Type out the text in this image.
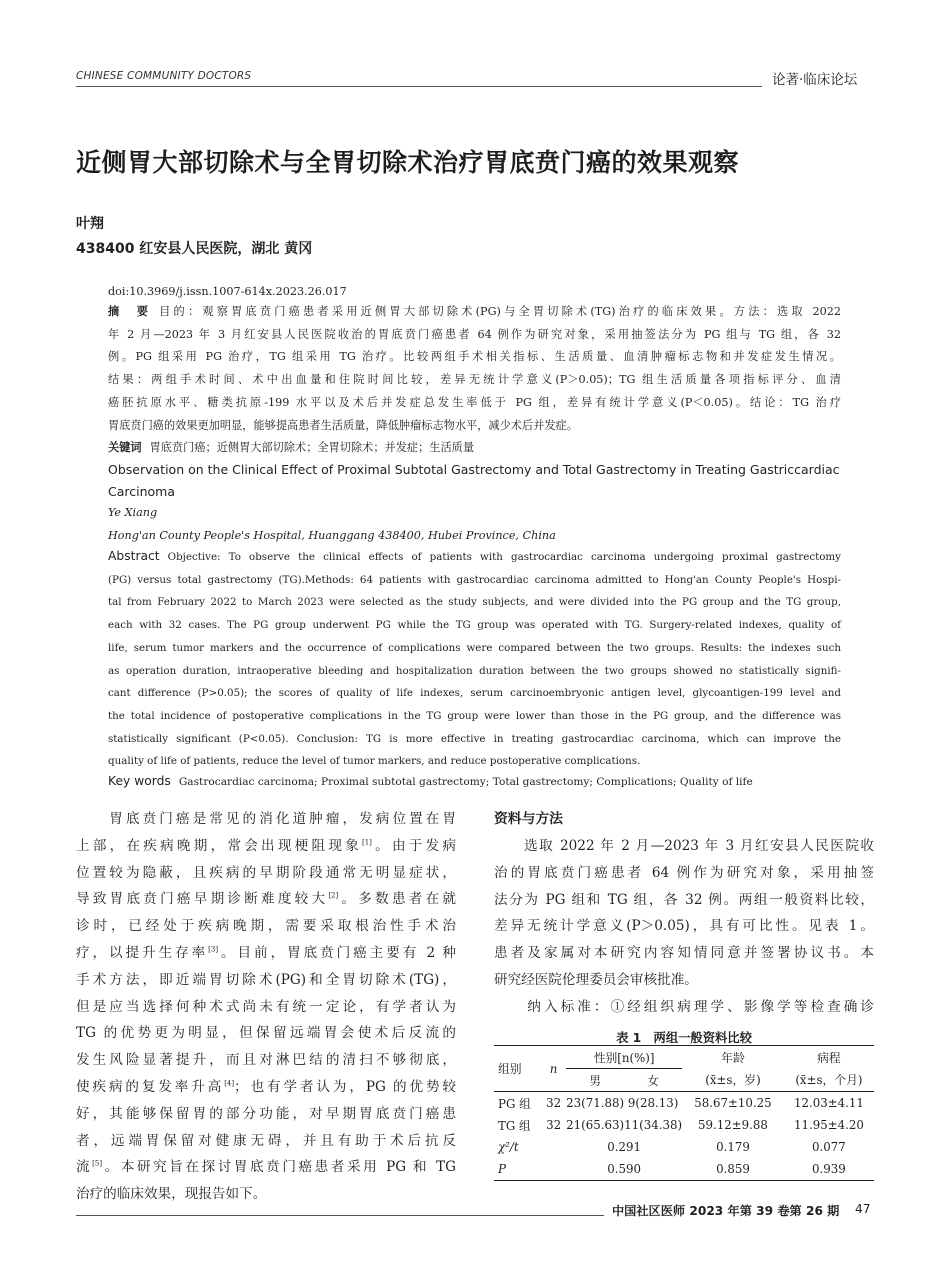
CHINESE COMMUNITY DOCTORS	论著·临床论坛
近侧胃大部切除术与全胃切除术治疗胃底贲门癌的效果观察
叶翔
438400 红安县人民医院，湖北 黄冈
doi:10.3969/j.issn.1007-614x.2023.26.017
摘　要 目的：观察胃底贲门癌患者采用近侧胃大部切除术(PG)与全胃切除术(TG)治疗的临床效果。方法：选取 2022
年 2 月—2023 年 3 月红安县人民医院收治的胃底贲门癌患者 64 例作为研究对象，采用抽签法分为 PG 组与 TG 组，各 32
例。PG 组采用 PG 治疗，TG 组采用 TG 治疗。比较两组手术相关指标、生活质量、血清肿瘤标志物和并发症发生情况。
结果：两组手术时间、术中出血量和住院时间比较，差异无统计学意义(P＞0.05)；TG 组生活质量各项指标评分、血清
癌胚抗原水平、糖类抗原-199 水平以及术后并发症总发生率低于 PG 组，差异有统计学意义(P＜0.05)。结论：TG 治疗
胃底贲门癌的效果更加明显，能够提高患者生活质量，降低肿瘤标志物水平，减少术后并发症。
关键词 胃底贲门癌；近侧胃大部切除术；全胃切除术；并发症；生活质量
Observation on the Clinical Effect of Proximal Subtotal Gastrectomy and Total Gastrectomy in Treating Gastriccardiac
Carcinoma
Ye Xiang
Hong'an County People's Hospital, Huanggang 438400, Hubei Province, China
Abstract Objective: To observe the clinical effects of patients with gastrocardiac carcinoma undergoing proximal gastrectomy
(PG) versus total gastrectomy (TG).Methods: 64 patients with gastrocardiac carcinoma admitted to Hong'an County People's Hospi-
tal from February 2022 to March 2023 were selected as the study subjects, and were divided into the PG group and the TG group,
each with 32 cases. The PG group underwent PG while the TG group was operated with TG. Surgery-related indexes, quality of
life, serum tumor markers and the occurrence of complications were compared between the two groups. Results: the indexes such
as operation duration, intraoperative bleeding and hospitalization duration between the two groups showed no statistically signifi-
cant difference (P>0.05); the scores of quality of life indexes, serum carcinoembryonic antigen level, glycoantigen-199 level and
the total incidence of postoperative complications in the TG group were lower than those in the PG group, and the difference was
statistically significant (P<0.05). Conclusion: TG is more effective in treating gastrocardiac carcinoma, which can improve the
quality of life of patients, reduce the level of tumor markers, and reduce postoperative complications.
Key words Gastrocardiac carcinoma; Proximal subtotal gastrectomy; Total gastrectomy; Complications; Quality of life
　　胃底贲门癌是常见的消化道肿瘤，发病位置在胃
上部，在疾病晚期，常会出现梗阻现象[1]。由于发病
位置较为隐蔽，且疾病的早期阶段通常无明显症状，
导致胃底贲门癌早期诊断难度较大[2]。多数患者在就
诊时，已经处于疾病晚期，需要采取根治性手术治
疗，以提升生存率[3]。目前，胃底贲门癌主要有 2 种
手术方法，即近端胃切除术(PG)和全胃切除术(TG)，
但是应当选择何种术式尚未有统一定论，有学者认为
TG 的优势更为明显，但保留远端胃会使术后反流的
发生风险显著提升，而且对淋巴结的清扫不够彻底，
使疾病的复发率升高[4]；也有学者认为，PG 的优势较
好，其能够保留胃的部分功能，对早期胃底贲门癌患
者，远端胃保留对健康无碍，并且有助于术后抗反
流[5]。本研究旨在探讨胃底贲门癌患者采用 PG 和 TG
治疗的临床效果，现报告如下。
资料与方法
　　选取 2022 年 2 月—2023 年 3 月红安县人民医院收
治的胃底贲门癌患者 64 例作为研究对象，采用抽签
法分为 PG 组和 TG 组，各 32 例。两组一般资料比较，
差异无统计学意义(P＞0.05)，具有可比性。见表 1。
患者及家属对本研究内容知情同意并签署协议书。本
研究经医院伦理委员会审核批准。
　　纳入标准：①经组织病理学、影像学等检查确诊
表 1　两组一般资料比较
组别	n	性别[n(%)]		年龄	病程
		男	女	(x̄±s，岁)	(x̄±s，个月)
PG 组	32	23(71.88)	9(28.13)	58.67±10.25	12.03±4.11
TG 组	32	21(65.63)	11(34.38)	59.12±9.88	11.95±4.20
χ²/t		0.291		0.179	0.077
P		0.590		0.859	0.939
中国社区医师 2023 年第 39 卷第 26 期 47
